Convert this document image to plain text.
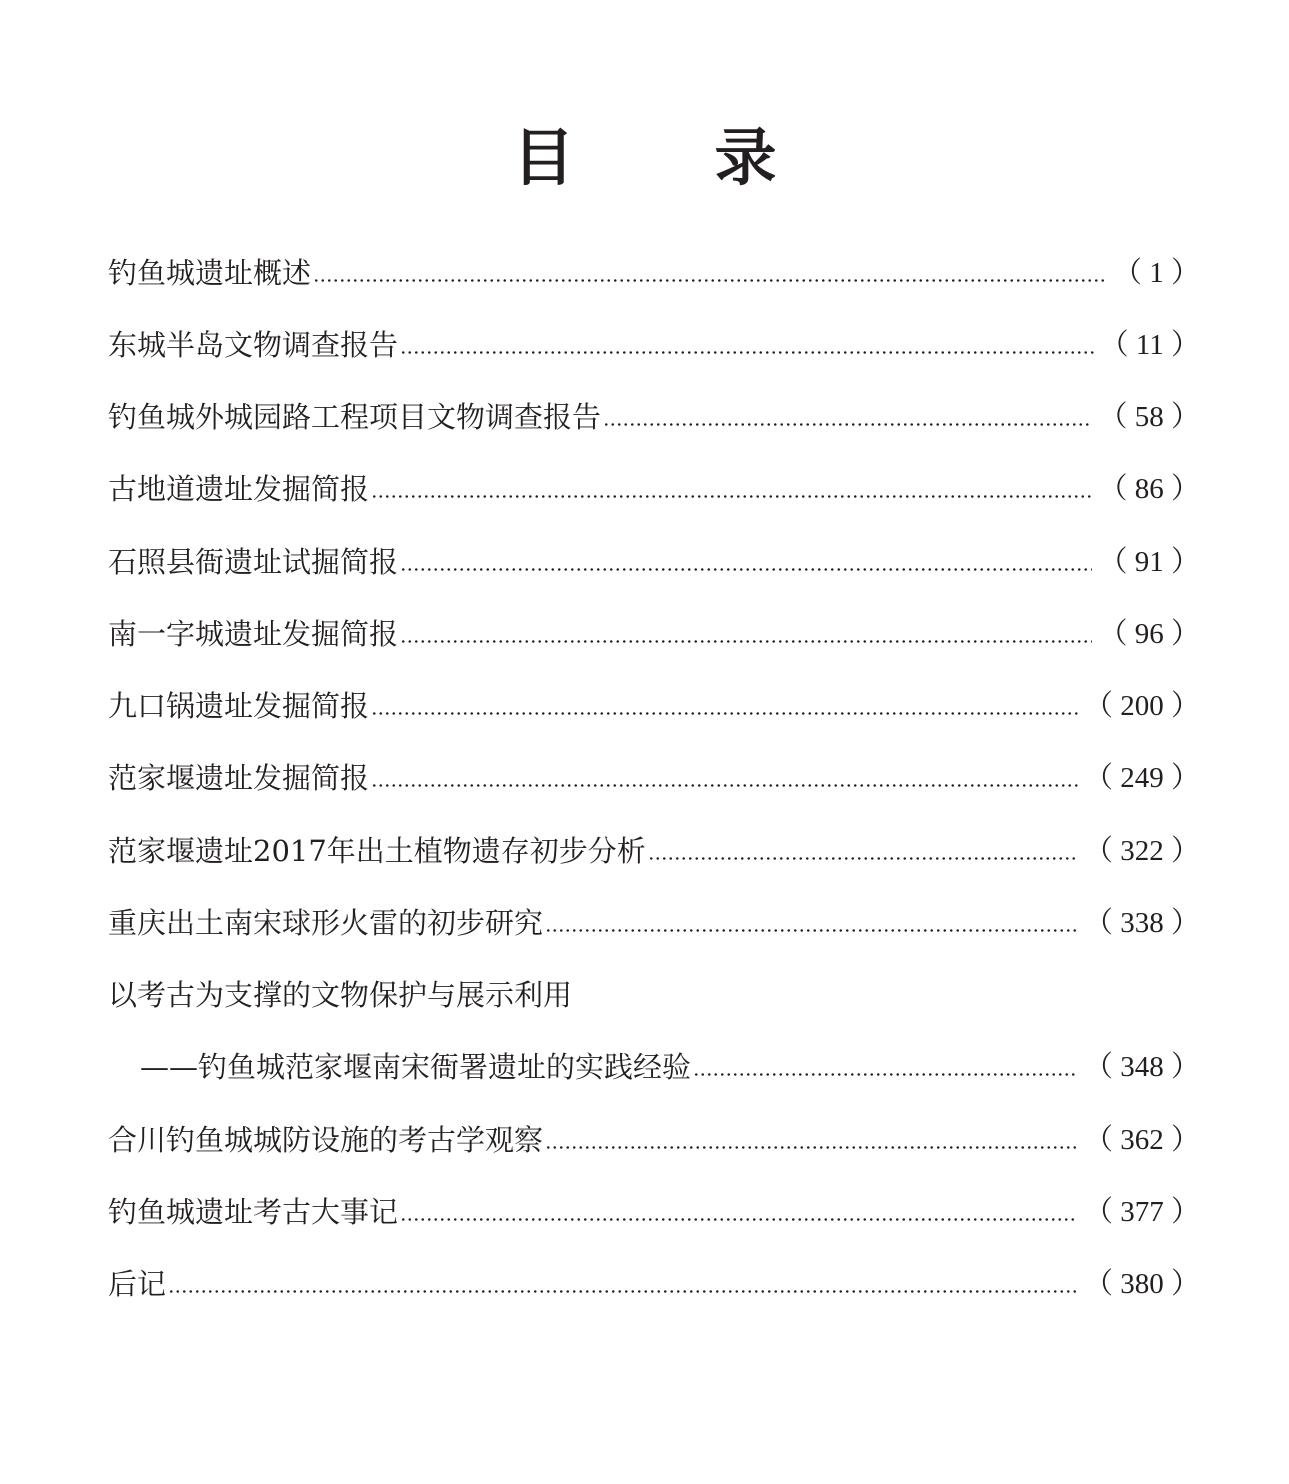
目 录
钓鱼城遗址概述	（ 1 ）
东城半岛文物调查报告	（ 11 ）
钓鱼城外城园路工程项目文物调查报告	（ 58 ）
古地道遗址发掘简报	（ 86 ）
石照县衙遗址试掘简报	（ 91 ）
南一字城遗址发掘简报	（ 96 ）
九口锅遗址发掘简报	（ 200 ）
范家堰遗址发掘简报	（ 249 ）
范家堰遗址2017年出土植物遗存初步分析	（ 322 ）
重庆出土南宋球形火雷的初步研究	（ 338 ）
以考古为支撑的文物保护与展示利用
——钓鱼城范家堰南宋衙署遗址的实践经验	（ 348 ）
合川钓鱼城城防设施的考古学观察	（ 362 ）
钓鱼城遗址考古大事记	（ 377 ）
后记	（ 380 ）
